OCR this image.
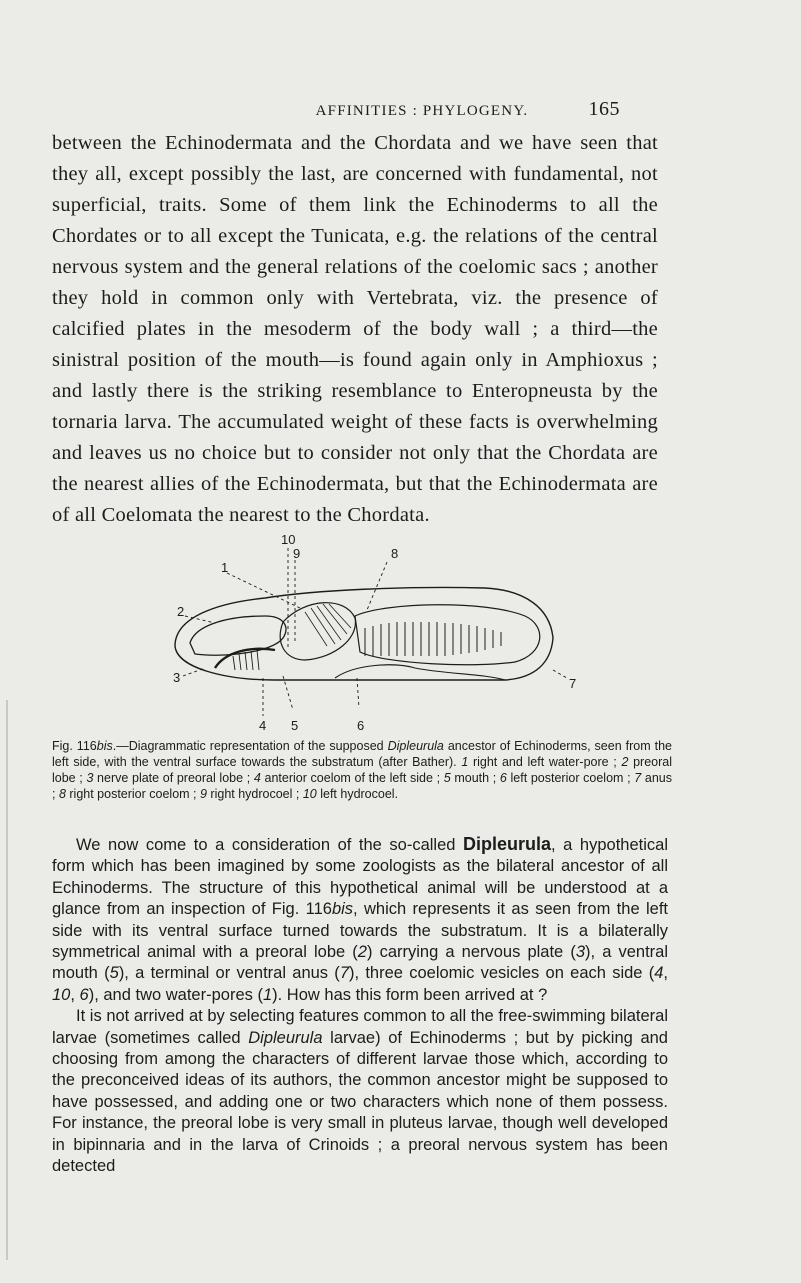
AFFINITIES : PHYLOGENY.	165
between the Echinodermata and the Chordata and we have seen that they all, except possibly the last, are concerned with fundamental, not superficial, traits. Some of them link the Echinoderms to all the Chordates or to all except the Tunicata, e.g. the relations of the central nervous system and the general relations of the coelomic sacs ; another they hold in common only with Vertebrata, viz. the presence of calcified plates in the mesoderm of the body wall ; a third—the sinistral position of the mouth—is found again only in Amphioxus ; and lastly there is the striking resemblance to Enteropneusta by the tornaria larva. The accumulated weight of these facts is overwhelming and leaves us no choice but to consider not only that the Chordata are the nearest allies of the Echinodermata, but that the Echinodermata are of all Coelomata the nearest to the Chordata.
10
9	8
1
2
3
4 5	6
7
Fig. 116bis.—Diagrammatic representation of the supposed Dipleurula ancestor of Echinoderms, seen from the left side, with the ventral surface towards the substratum (after Bather). 1 right and left water-pore ; 2 preoral lobe ; 3 nerve plate of preoral lobe ; 4 anterior coelom of the left side ; 5 mouth ; 6 left posterior coelom ; 7 anus ; 8 right posterior coelom ; 9 right hydrocoel ; 10 left hydrocoel.

We now come to a consideration of the so-called Dipleurula, a hypothetical form which has been imagined by some zoologists as the bilateral ancestor of all Echinoderms. The structure of this hypothetical animal will be understood at a glance from an inspection of Fig. 116bis, which represents it as seen from the left side with its ventral surface turned towards the substratum. It is a bilaterally symmetrical animal with a preoral lobe (2) carrying a nervous plate (3), a ventral mouth (5), a terminal or ventral anus (7), three coelomic vesicles on each side (4, 10, 6), and two water-pores (1). How has this form been arrived at ?

It is not arrived at by selecting features common to all the free-swimming bilateral larvae (sometimes called Dipleurula larvae) of Echinoderms ; but by picking and choosing from among the characters of different larvae those which, according to the preconceived ideas of its authors, the common ancestor might be supposed to have possessed, and adding one or two characters which none of them possess. For instance, the preoral lobe is very small in pluteus larvae, though well developed in bipinnaria and in the larva of Crinoids ; a preoral nervous system has been detected
